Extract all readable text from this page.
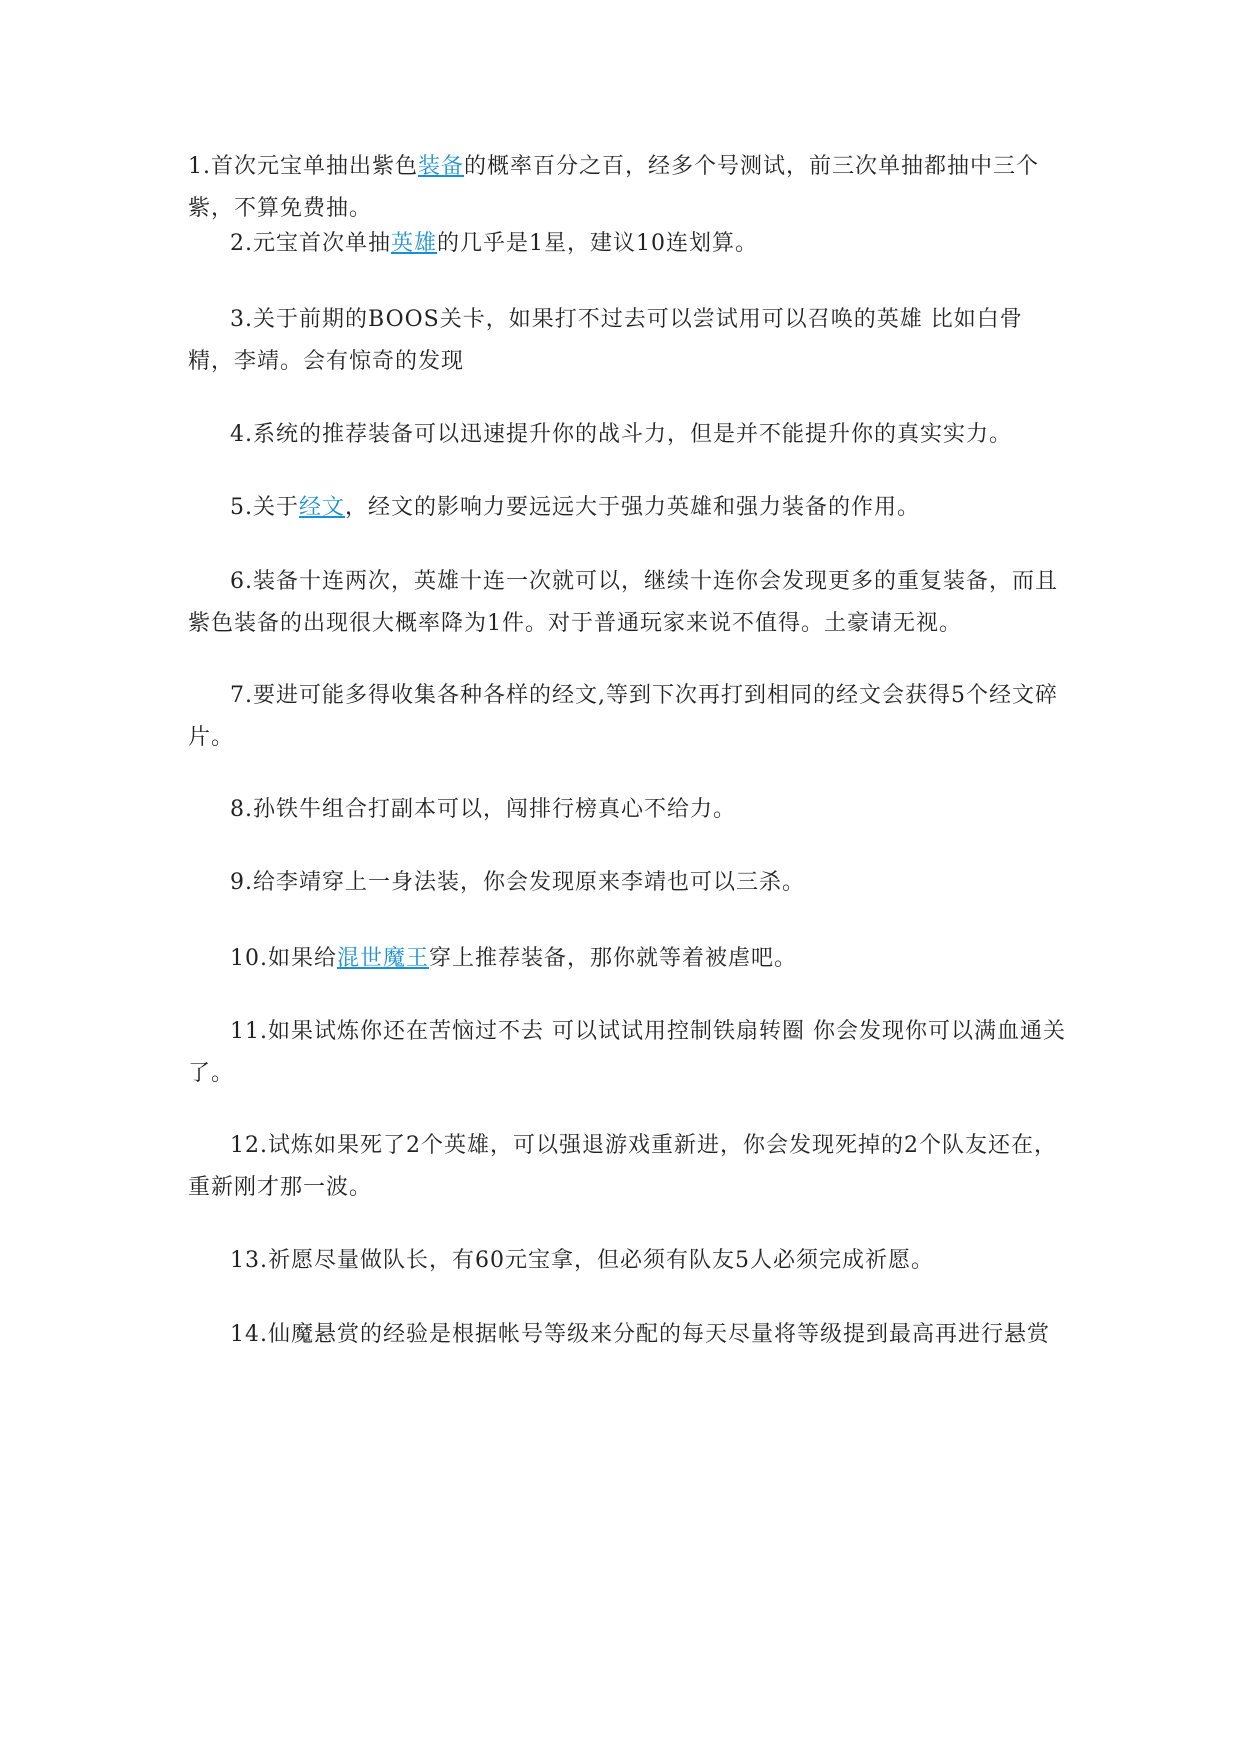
1.首次元宝单抽出紫色装备的概率百分之百，经多个号测试，前三次单抽都抽中三个紫，不算免费抽。

2.元宝首次单抽英雄的几乎是1星，建议10连划算。

3.关于前期的BOOS关卡，如果打不过去可以尝试用可以召唤的英雄 比如白骨精，李靖。会有惊奇的发现

4.系统的推荐装备可以迅速提升你的战斗力，但是并不能提升你的真实实力。

5.关于经文，经文的影响力要远远大于强力英雄和强力装备的作用。

6.装备十连两次，英雄十连一次就可以，继续十连你会发现更多的重复装备，而且紫色装备的出现很大概率降为1件。对于普通玩家来说不值得。土豪请无视。

7.要进可能多得收集各种各样的经文,等到下次再打到相同的经文会获得5个经文碎片。

8.孙铁牛组合打副本可以，闯排行榜真心不给力。

9.给李靖穿上一身法装，你会发现原来李靖也可以三杀。

10.如果给混世魔王穿上推荐装备，那你就等着被虐吧。

11.如果试炼你还在苦恼过不去 可以试试用控制铁扇转圈 你会发现你可以满血通关了。

12.试炼如果死了2个英雄，可以强退游戏重新进，你会发现死掉的2个队友还在，重新刚才那一波。

13.祈愿尽量做队长，有60元宝拿，但必须有队友5人必须完成祈愿。

14.仙魔悬赏的经验是根据帐号等级来分配的每天尽量将等级提到最高再进行悬赏
